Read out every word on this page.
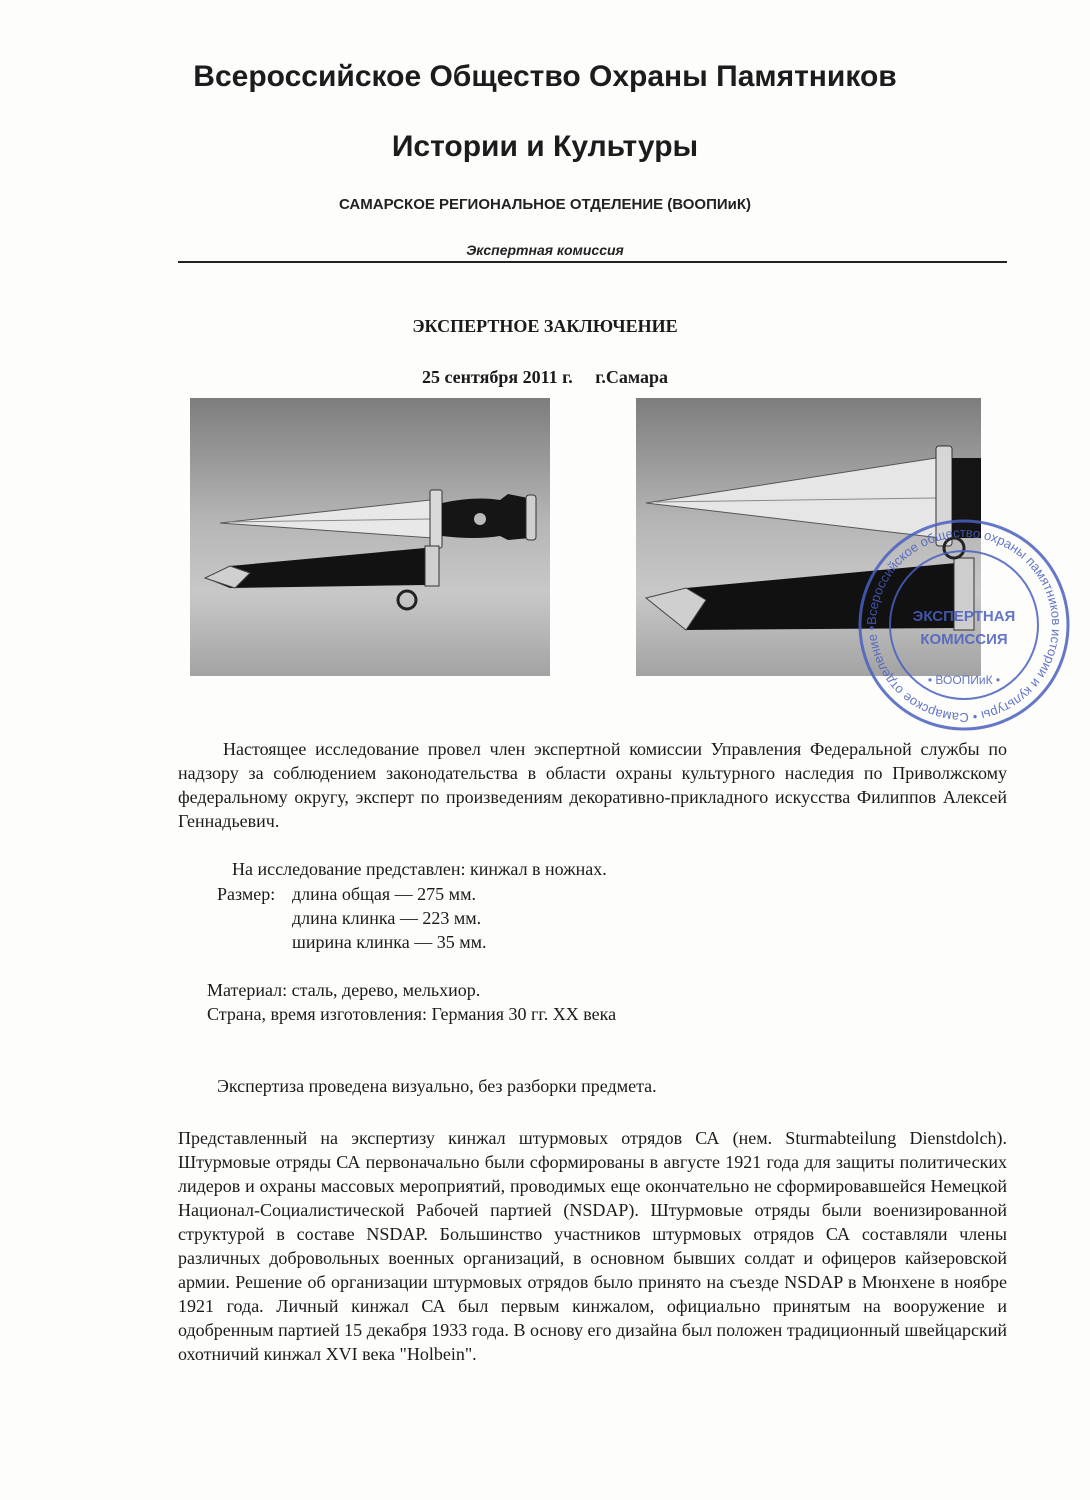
Всероссийское Общество Охраны Памятников
Истории и Культуры
САМАРСКОЕ РЕГИОНАЛЬНОЕ ОТДЕЛЕНИЕ (ВООПИиК)
Экспертная комиссия
ЭКСПЕРТНОЕ ЗАКЛЮЧЕНИЕ
25 сентября 2011 г.     г.Самара
Всероссийское общество охраны памятников истории и культуры • Самарское отделение •
ЭКСПЕРТНАЯ
КОМИССИЯ
• ВООПИиК •

Настоящее исследование провел член экспертной комиссии Управления Федеральной службы по надзору за соблюдением законодательства в области охраны культурного наследия по Приволжскому федеральному округу, эксперт по произведениям декоративно-прикладного искусства Филиппов Алексей Геннадьевич.

На исследование представлен: кинжал в ножнах.
Размер: длина общая — 275 мм.
длина клинка — 223 мм.
ширина клинка — 35 мм.
Материал: сталь, дерево, мельхиор.
Страна, время изготовления: Германия 30 гг. XX века
Экспертиза проведена визуально, без разборки предмета.

Представленный на экспертизу кинжал штурмовых отрядов СА (нем. Sturmabteilung Dienstdolch). Штурмовые отряды СА первоначально были сформированы в августе 1921 года для защиты политических лидеров и охраны массовых мероприятий, проводимых еще окончательно не сформировавшейся Немецкой Национал-Социалистической Рабочей партией (NSDAP). Штурмовые отряды были военизированной структурой в составе NSDAP. Большинство участников штурмовых отрядов СА составляли члены различных добровольных военных организаций, в основном бывших солдат и офицеров кайзеровской армии. Решение об организации штурмовых отрядов было принято на съезде NSDAP в Мюнхене в ноябре 1921 года. Личный кинжал СА был первым кинжалом, официально принятым на вооружение и одобренным партией 15 декабря 1933 года. В основу его дизайна был положен традиционный швейцарский охотничий кинжал XVI века "Holbein".
